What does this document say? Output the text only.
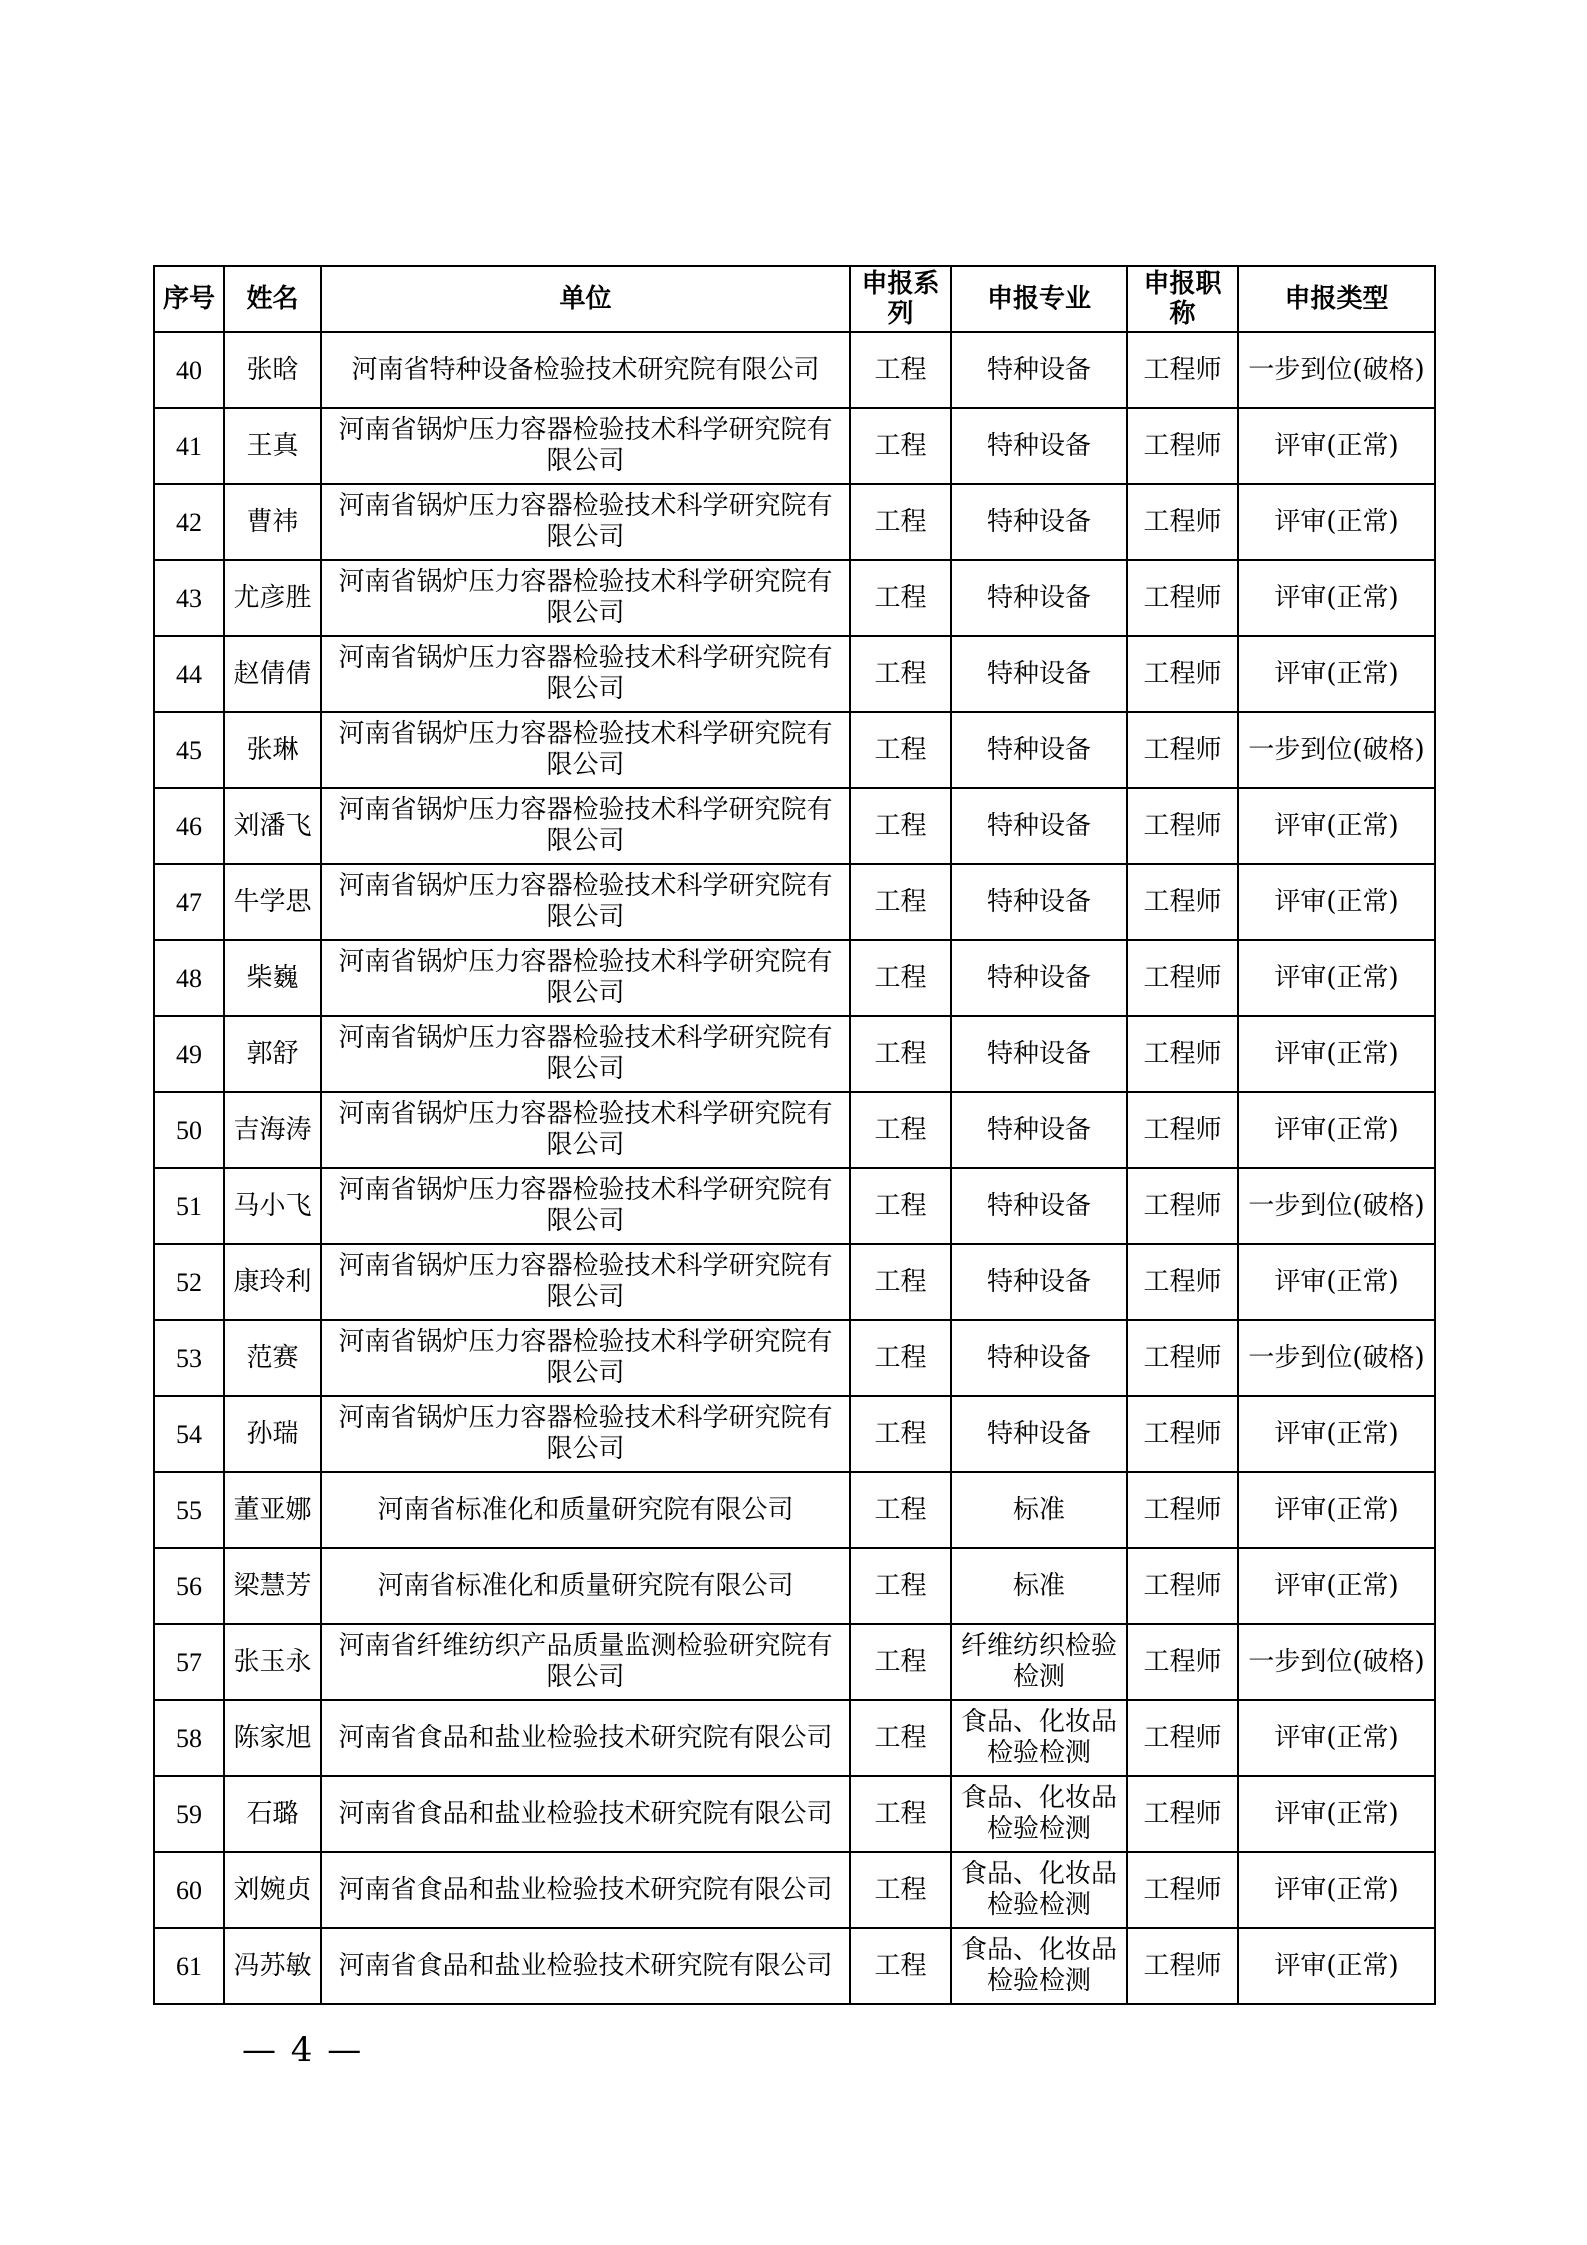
序号	姓名	单位	申报系列	申报专业	申报职称	申报类型
40	张晗	河南省特种设备检验技术研究院有限公司	工程	特种设备	工程师	一步到位(破格)
41	王真	河南省锅炉压力容器检验技术科学研究院有限公司	工程	特种设备	工程师	评审(正常)
42	曹祎	河南省锅炉压力容器检验技术科学研究院有限公司	工程	特种设备	工程师	评审(正常)
43	尤彦胜	河南省锅炉压力容器检验技术科学研究院有限公司	工程	特种设备	工程师	评审(正常)
44	赵倩倩	河南省锅炉压力容器检验技术科学研究院有限公司	工程	特种设备	工程师	评审(正常)
45	张琳	河南省锅炉压力容器检验技术科学研究院有限公司	工程	特种设备	工程师	一步到位(破格)
46	刘潘飞	河南省锅炉压力容器检验技术科学研究院有限公司	工程	特种设备	工程师	评审(正常)
47	牛学思	河南省锅炉压力容器检验技术科学研究院有限公司	工程	特种设备	工程师	评审(正常)
48	柴巍	河南省锅炉压力容器检验技术科学研究院有限公司	工程	特种设备	工程师	评审(正常)
49	郭舒	河南省锅炉压力容器检验技术科学研究院有限公司	工程	特种设备	工程师	评审(正常)
50	吉海涛	河南省锅炉压力容器检验技术科学研究院有限公司	工程	特种设备	工程师	评审(正常)
51	马小飞	河南省锅炉压力容器检验技术科学研究院有限公司	工程	特种设备	工程师	一步到位(破格)
52	康玲利	河南省锅炉压力容器检验技术科学研究院有限公司	工程	特种设备	工程师	评审(正常)
53	范赛	河南省锅炉压力容器检验技术科学研究院有限公司	工程	特种设备	工程师	一步到位(破格)
54	孙瑞	河南省锅炉压力容器检验技术科学研究院有限公司	工程	特种设备	工程师	评审(正常)
55	董亚娜	河南省标准化和质量研究院有限公司	工程	标准	工程师	评审(正常)
56	梁慧芳	河南省标准化和质量研究院有限公司	工程	标准	工程师	评审(正常)
57	张玉永	河南省纤维纺织产品质量监测检验研究院有限公司	工程	纤维纺织检验检测	工程师	一步到位(破格)
58	陈家旭	河南省食品和盐业检验技术研究院有限公司	工程	食品、化妆品检验检测	工程师	评审(正常)
59	石璐	河南省食品和盐业检验技术研究院有限公司	工程	食品、化妆品检验检测	工程师	评审(正常)
60	刘婉贞	河南省食品和盐业检验技术研究院有限公司	工程	食品、化妆品检验检测	工程师	评审(正常)
61	冯苏敏	河南省食品和盐业检验技术研究院有限公司	工程	食品、化妆品检验检测	工程师	评审(正常)
— 4 —
